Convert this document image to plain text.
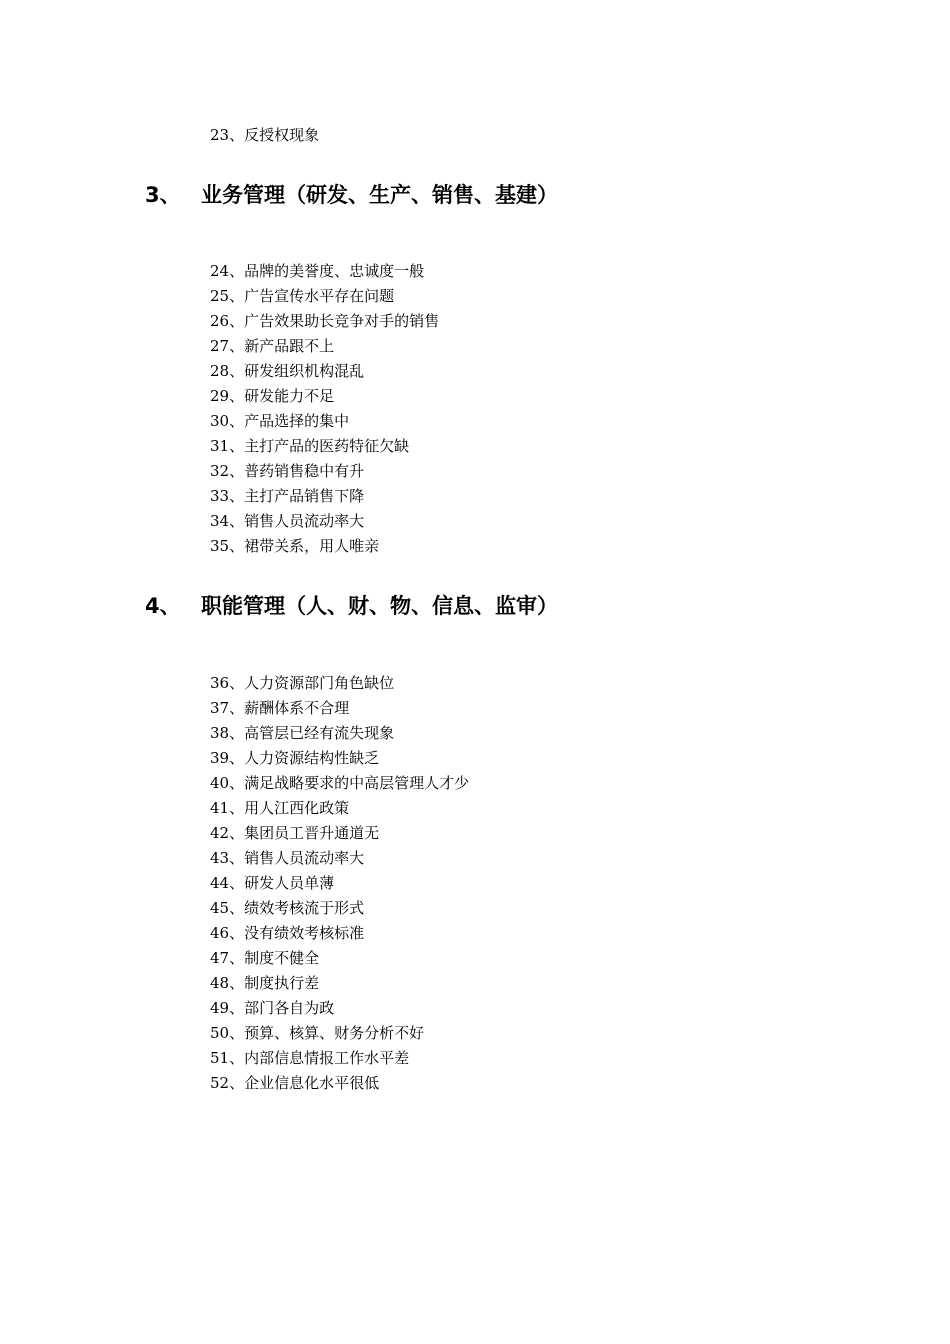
23、反授权现象
3、 业务管理（研发、生产、销售、基建）
24、品牌的美誉度、忠诚度一般
25、广告宣传水平存在问题
26、广告效果助长竞争对手的销售
27、新产品跟不上
28、研发组织机构混乱
29、研发能力不足
30、产品选择的集中
31、主打产品的医药特征欠缺
32、普药销售稳中有升
33、主打产品销售下降
34、销售人员流动率大
35、裙带关系，用人唯亲
4、 职能管理（人、财、物、信息、监审）
36、人力资源部门角色缺位
37、薪酬体系不合理
38、高管层已经有流失现象
39、人力资源结构性缺乏
40、满足战略要求的中高层管理人才少
41、用人江西化政策
42、集团员工晋升通道无
43、销售人员流动率大
44、研发人员单薄
45、绩效考核流于形式
46、没有绩效考核标准
47、制度不健全
48、制度执行差
49、部门各自为政
50、预算、核算、财务分析不好
51、内部信息情报工作水平差
52、企业信息化水平很低
